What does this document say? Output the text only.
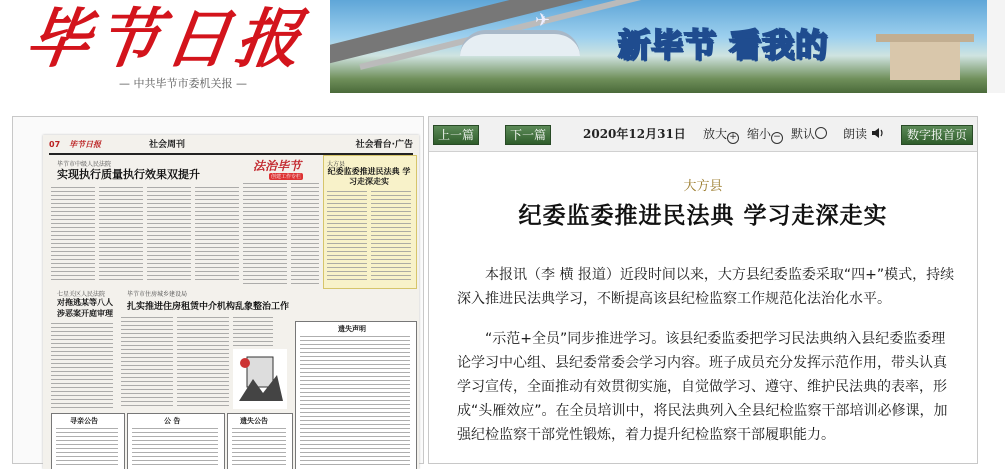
毕节日报
— 中共毕节市委机关报 —
✈
新毕节 看我的
07 毕节日报	社会周刊	社会看台·广告
毕节市中级人民法院
实现执行质量执行效果双提升
法治毕节
创建工作专栏
大方县
纪委监委推进民法典 学习走深走实
七星关区人民法院
对拖逃某等八人 涉恶案开庭审理
毕节市住房城乡建设局
扎实推进住房租赁中介机构乱象整治工作
遗失声明
寻亲公告	公 告	遗失公告
上一篇	下一篇	2020年12月31日 放大 + 缩小 − 默认	朗读	数字报首页
大方县
纪委监委推进民法典 学习走深走实

本报讯（李 横 报道）近段时间以来，大方县纪委监委采取“四+”模式，持续深入推进民法典学习，不断提高该县纪检监察工作规范化法治化水平。

“示范+全员”同步推进学习。该县纪委监委把学习民法典纳入县纪委监委理论学习中心组、县纪委常委会学习内容。班子成员充分发挥示范作用，带头认真学习宣传，全面推动有效贯彻实施，自觉做学习、遵守、维护民法典的表率，形成“头雁效应”。在全员培训中，将民法典列入全县纪检监察干部培训必修课，加强纪检监察干部党性锻炼，着力提升纪检监察干部履职能力。
